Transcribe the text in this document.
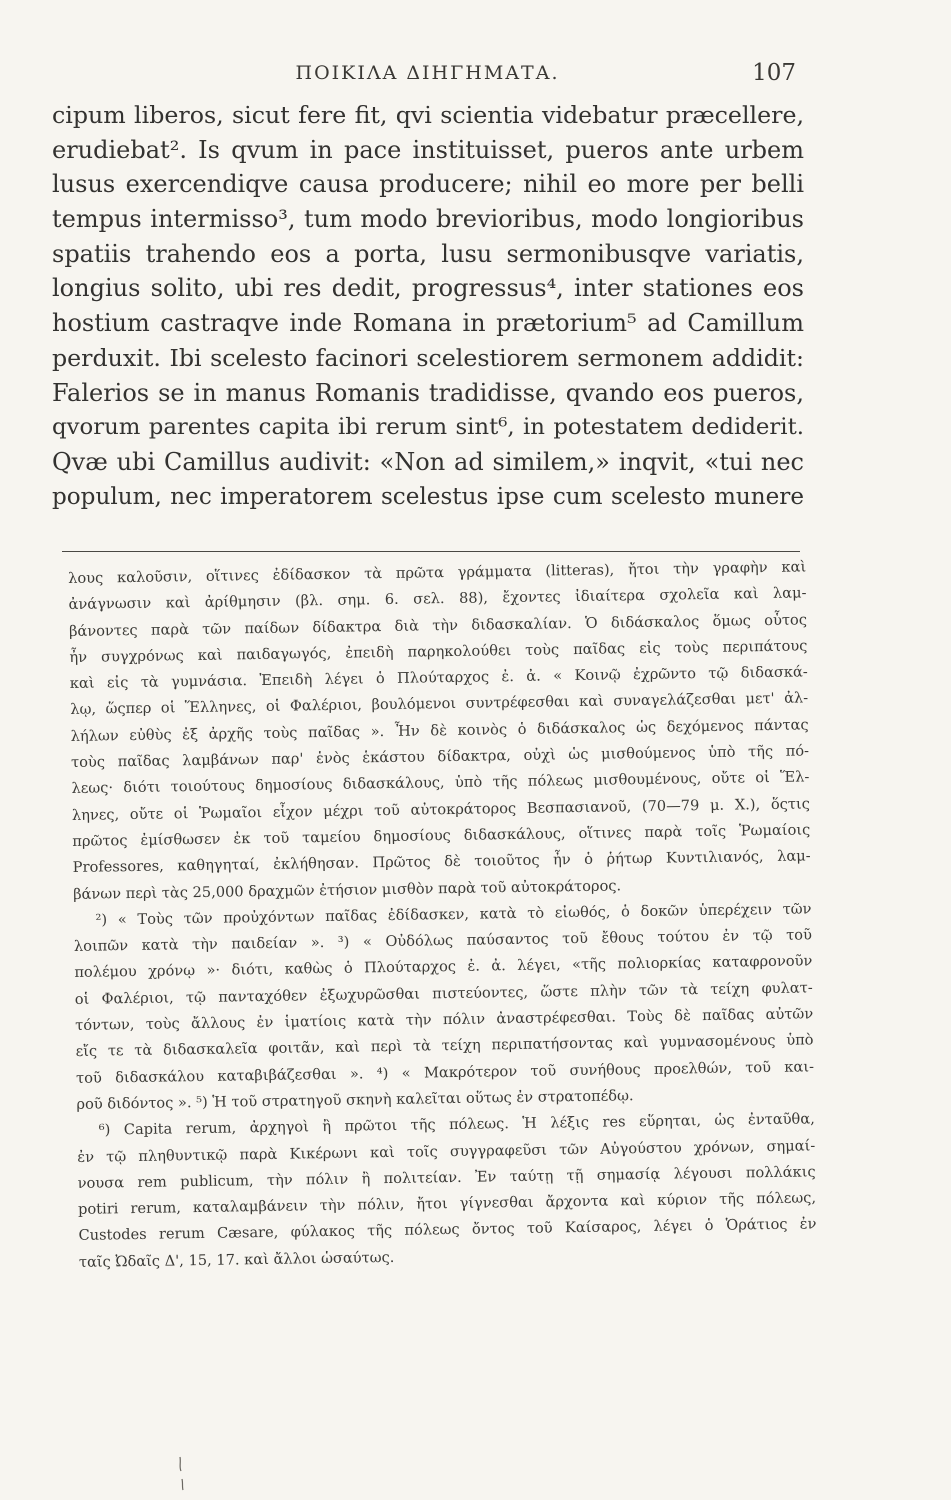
ΠΟΙΚΙΛΑ ΔΙΗΓΗΜΑΤΑ.	107
cipum liberos, sicut fere fit, qvi scientia videbatur præcellere,
erudiebat². Is qvum in pace instituisset, pueros ante urbem
lusus exercendiqve causa producere; nihil eo more per belli
tempus intermisso³, tum modo brevioribus, modo longioribus
spatiis trahendo eos a porta, lusu sermonibusqve variatis,
longius solito, ubi res dedit, progressus⁴, inter stationes eos
hostium castraqve inde Romana in prætorium⁵ ad Camillum
perduxit. Ibi scelesto facinori scelestiorem sermonem addidit:
Falerios se in manus Romanis tradidisse, qvando eos pueros,
qvorum parentes capita ibi rerum sint⁶, in potestatem dediderit.
Qvæ ubi Camillus audivit: «Non ad similem,» inqvit, «tui nec
populum, nec imperatorem scelestus ipse cum scelesto munere
λους καλοῦσιν, οἵτινες ἐδίδασκον τὰ πρῶτα γράμματα (litteras), ἤτοι τὴν γραφὴν καὶ
ἀνάγνωσιν καὶ ἀρίθμησιν (βλ. σημ. 6. σελ. 88), ἔχοντες ἰδιαίτερα σχολεῖα καὶ λαμ-
βάνοντες παρὰ τῶν παίδων δίδακτρα διὰ τὴν διδασκαλίαν. Ὁ διδάσκαλος ὅμως οὗτος
ἦν συγχρόνως καὶ παιδαγωγός, ἐπειδὴ παρηκολούθει τοὺς παῖδας εἰς τοὺς περιπάτους
καὶ εἰς τὰ γυμνάσια. Ἐπειδὴ λέγει ὁ Πλούταρχος ἐ. ἀ. « Κοινῷ ἐχρῶντο τῷ διδασκά-
λῳ, ὥςπερ οἱ Ἕλληνες, οἱ Φαλέριοι, βουλόμενοι συντρέφεσθαι καὶ συναγελάζεσθαι μετ' ἀλ-
λήλων εὐθὺς ἐξ ἀρχῆς τοὺς παῖδας ». Ἦν δὲ κοινὸς ὁ διδάσκαλος ὡς δεχόμενος πάντας
τοὺς παῖδας λαμβάνων παρ' ἑνὸς ἑκάστου δίδακτρα, οὐχὶ ὡς μισθούμενος ὑπὸ τῆς πό-
λεως· διότι τοιούτους δημοσίους διδασκάλους, ὑπὸ τῆς πόλεως μισθουμένους, οὔτε οἱ Ἕλ-
ληνες, οὔτε οἱ Ῥωμαῖοι εἶχον μέχρι τοῦ αὐτοκράτορος Βεσπασιανοῦ, (70—79 μ. Χ.), ὅςτις
πρῶτος ἐμίσθωσεν ἐκ τοῦ ταμείου δημοσίους διδασκάλους, οἵτινες παρὰ τοῖς Ῥωμαίοις
Professores, καθηγηταί, ἐκλήθησαν. Πρῶτος δὲ τοιοῦτος ἦν ὁ ῥήτωρ Κυντιλιανός, λαμ-
βάνων περὶ τὰς 25,000 δραχμῶν ἐτήσιον μισθὸν παρὰ τοῦ αὐτοκράτορος.
²) « Τοὺς τῶν προὐχόντων παῖδας ἐδίδασκεν, κατὰ τὸ εἰωθός, ὁ δοκῶν ὑπερέχειν τῶν
λοιπῶν κατὰ τὴν παιδείαν ». ³) « Οὐδόλως παύσαντος τοῦ ἔθους τούτου ἐν τῷ τοῦ
πολέμου χρόνῳ »· διότι, καθὼς ὁ Πλούταρχος ἐ. ἀ. λέγει, «τῆς πολιορκίας καταφρονοῦν
οἱ Φαλέριοι, τῷ πανταχόθεν ἐξωχυρῶσθαι πιστεύοντες, ὥστε πλὴν τῶν τὰ τείχη φυλατ-
τόντων, τοὺς ἄλλους ἐν ἱματίοις κατὰ τὴν πόλιν ἀναστρέφεσθαι. Τοὺς δὲ παῖδας αὐτῶν
εἴς τε τὰ διδασκαλεῖα φοιτᾶν, καὶ περὶ τὰ τείχη περιπατήσοντας καὶ γυμνασομένους ὑπὸ
τοῦ διδασκάλου καταβιβάζεσθαι ». ⁴) « Μακρότερον τοῦ συνήθους προελθών, τοῦ και-
ροῦ διδόντος ». ⁵) Ἡ τοῦ στρατηγοῦ σκηνὴ καλεῖται οὕτως ἐν στρατοπέδῳ.
⁶) Capita rerum, ἀρχηγοὶ ἢ πρῶτοι τῆς πόλεως. Ἡ λέξις res εὕρηται, ὡς ἐνταῦθα,
ἐν τῷ πληθυντικῷ παρὰ Κικέρωνι καὶ τοῖς συγγραφεῦσι τῶν Αὐγούστου χρόνων, σημαί-
νουσα rem publicum, τὴν πόλιν ἢ πολιτείαν. Ἐν ταύτῃ τῇ σημασίᾳ λέγουσι πολλάκις
potiri rerum, καταλαμβάνειν τὴν πόλιν, ἤτοι γίγνεσθαι ἄρχοντα καὶ κύριον τῆς πόλεως,
Custodes rerum Cæsare, φύλακος τῆς πόλεως ὄντος τοῦ Καίσαρος, λέγει ὁ Ὁράτιος ἐν
ταῖς Ὠδαῖς Δ', 15, 17. καὶ ἄλλοι ὡσαύτως.
